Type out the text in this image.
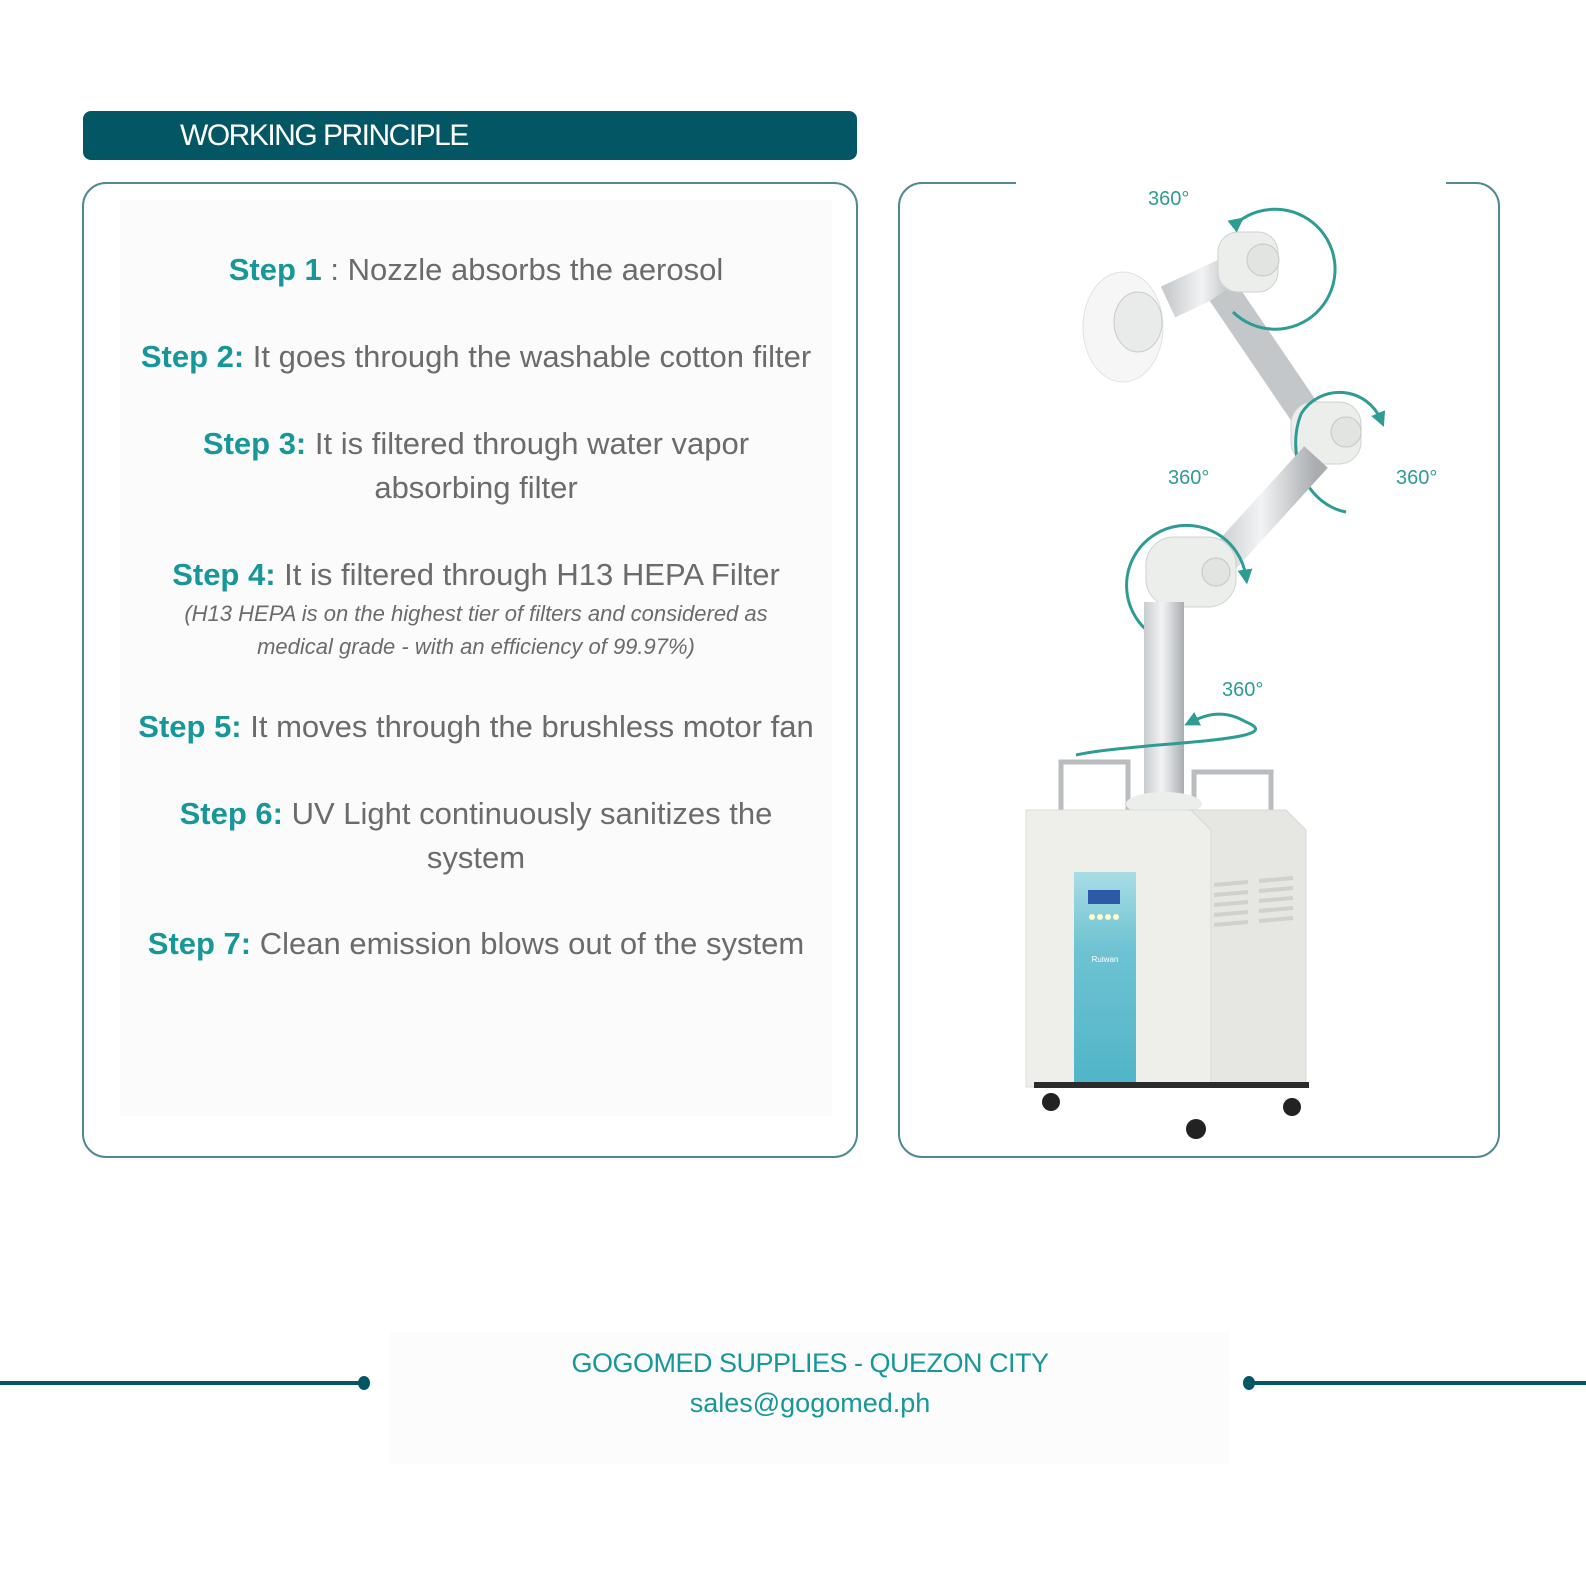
WORKING PRINCIPLE
Step 1 : Nozzle absorbs the aerosol
Step 2: It goes through the washable cotton filter
Step 3: It is filtered through water vapor absorbing filter
Step 4: It is filtered through H13 HEPA Filter
(H13 HEPA is on the highest tier of filters and considered as medical grade - with an efficiency of 99.97%)
Step 5: It moves through the brushless motor fan
Step 6: UV Light continuously sanitizes the system
Step 7: Clean emission blows out of the system	Ruiwan
360°
360°	360°
360°
GOGOMED SUPPLIES - QUEZON CITY
sales@gogomed.ph
